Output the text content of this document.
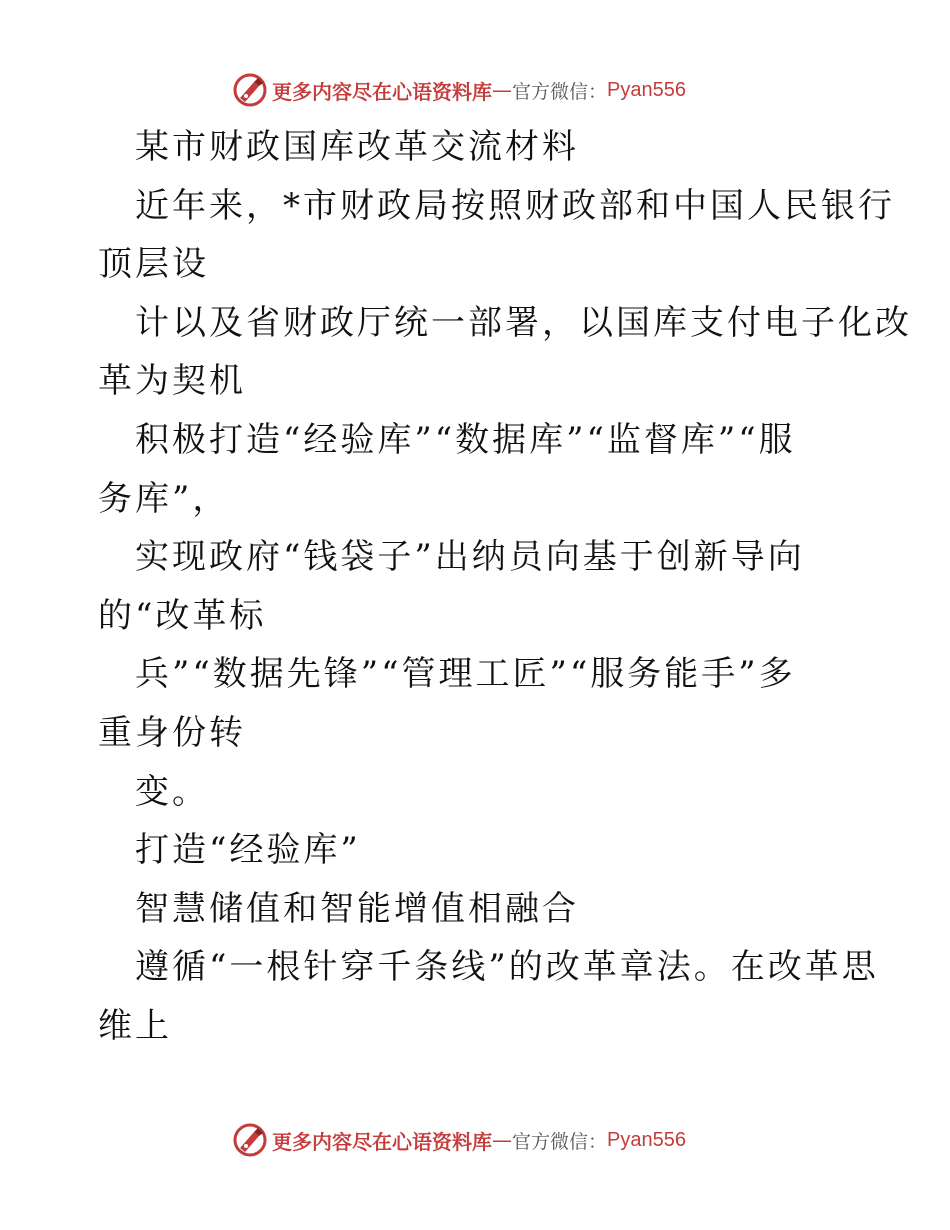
更多内容尽在心语资料库 — 官方微信： Pyan556
某市财政国库改革交流材料
近年来，*市财政局按照财政部和中国人民银行
顶层设
计以及省财政厅统一部署，以国库支付电子化改
革为契机
积极打造“经验库”“数据库”“监督库”“服
务库”，
实现政府“钱袋子”出纳员向基于创新导向
的“改革标
兵”“数据先锋”“管理工匠”“服务能手”多
重身份转
变。
打造“经验库”
智慧储值和智能增值相融合
遵循“一根针穿千条线”的改革章法。在改革思
维上
更多内容尽在心语资料库 — 官方微信： Pyan556
